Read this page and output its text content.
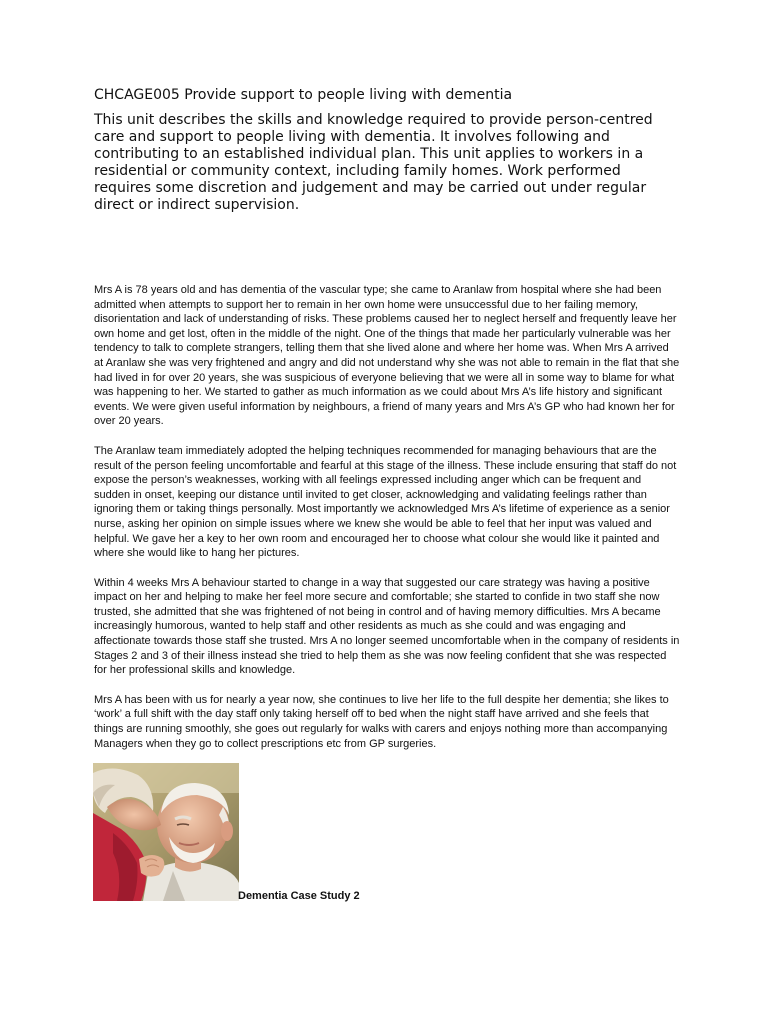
CHCAGE005 Provide support to people living with dementia

This unit describes the skills and knowledge required to provide person-centred care and support to people living with dementia. It involves following and contributing to an established individual plan. This unit applies to workers in a residential or community context, including family homes. Work performed requires some discretion and judgement and may be carried out under regular direct or indirect supervision.

Mrs A is 78 years old and has dementia of the vascular type; she came to Aranlaw from hospital where she had been admitted when attempts to support her to remain in her own home were unsuccessful due to her failing memory, disorientation and lack of understanding of risks. These problems caused her to neglect herself and frequently leave her own home and get lost, often in the middle of the night. One of the things that made her particularly vulnerable was her tendency to talk to complete strangers, telling them that she lived alone and where her home was. When Mrs A arrived at Aranlaw she was very frightened and angry and did not understand why she was not able to remain in the flat that she had lived in for over 20 years, she was suspicious of everyone believing that we were all in some way to blame for what was happening to her. We started to gather as much information as we could about Mrs A’s life history and significant events. We were given useful information by neighbours, a friend of many years and Mrs A’s GP who had known her for over 20 years.

The Aranlaw team immediately adopted the helping techniques recommended for managing behaviours that are the result of the person feeling uncomfortable and fearful at this stage of the illness. These include ensuring that staff do not expose the person’s weaknesses, working with all feelings expressed including anger which can be frequent and sudden in onset, keeping our distance until invited to get closer, acknowledging and validating feelings rather than ignoring them or taking things personally. Most importantly we acknowledged Mrs A’s lifetime of experience as a senior nurse, asking her opinion on simple issues where we knew she would be able to feel that her input was valued and helpful. We gave her a key to her own room and encouraged her to choose what colour she would like it painted and where she would like to hang her pictures.

Within 4 weeks Mrs A behaviour started to change in a way that suggested our care strategy was having a positive impact on her and helping to make her feel more secure and comfortable; she started to confide in two staff she now trusted, she admitted that she was frightened of not being in control and of having memory difficulties. Mrs A became increasingly humorous, wanted to help staff and other residents as much as she could and was engaging and affectionate towards those staff she trusted. Mrs A no longer seemed uncomfortable when in the company of residents in Stages 2 and 3 of their illness instead she tried to help them as she was now feeling confident that she was respected for her professional skills and knowledge.

Mrs A has been with us for nearly a year now, she continues to live her life to the full despite her dementia; she likes to ‘work’ a full shift with the day staff only taking herself off to bed when the night staff have arrived and she feels that things are running smoothly, she goes out regularly for walks with carers and enjoys nothing more than accompanying Managers when they go to collect prescriptions etc from GP surgeries.

Dementia Case Study 2
